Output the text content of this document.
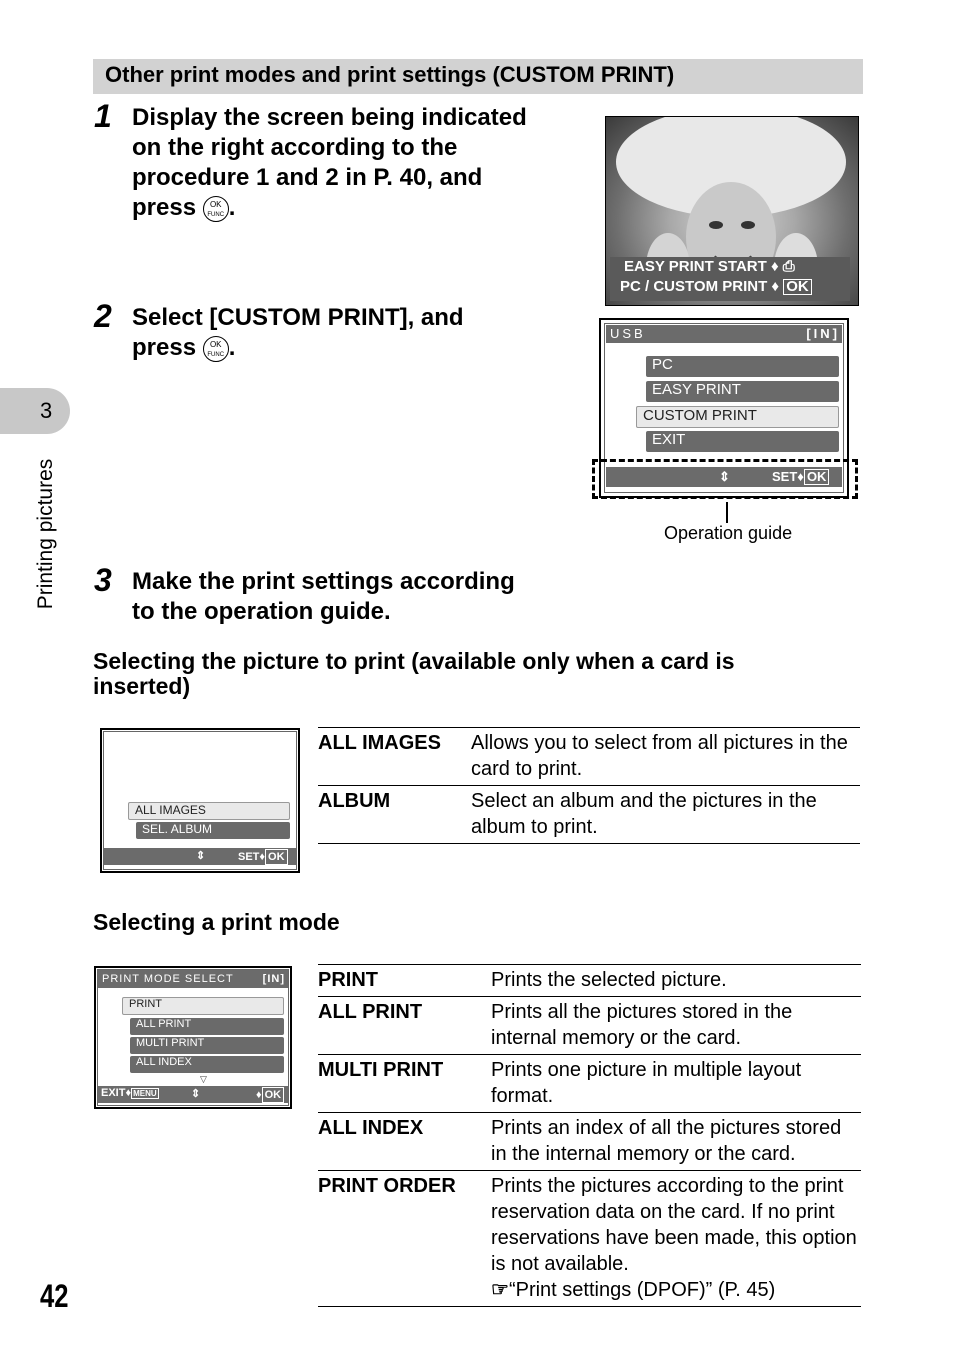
Other print modes and print settings (CUSTOM PRINT)
3
Printing pictures
1 Display the screen being indicated
on the right according to the
procedure 1 and 2 in P. 40, and
press OK
FUNC .
EASY PRINT START ♦ ⎙
PC / CUSTOM PRINT ♦ OK
2 Select [CUSTOM PRINT], and
press OK
FUNC .
USB	[IN]
PC
EASY PRINT
CUSTOM PRINT
EXIT
⇕	SET♦ OK
Operation guide
3 Make the print settings according
to the operation guide.
Selecting the picture to print (available only when a card is
inserted)
ALL IMAGES
SEL. ALBUM
⇕	SET♦ OK
ALL IMAGES	Allows you to select from all pictures in the card to print.
ALBUM	Select an album and the pictures in the album to print.
Selecting a print mode
PRINT MODE SELECT	[IN]
PRINT
ALL PRINT
MULTI PRINT
ALL INDEX
▽
EXIT♦ MENU	⇕	♦ OK
PRINT	Prints the selected picture.
ALL PRINT	Prints all the pictures stored in the internal memory or the card.
MULTI PRINT	Prints one picture in multiple layout format.
ALL INDEX	Prints an index of all the pictures stored in the internal memory or the card.
PRINT ORDER	Prints the pictures according to the print reservation data on the card. If no print reservations have been made, this option is not available.
☞“Print settings (DPOF)” (P. 45)
42
